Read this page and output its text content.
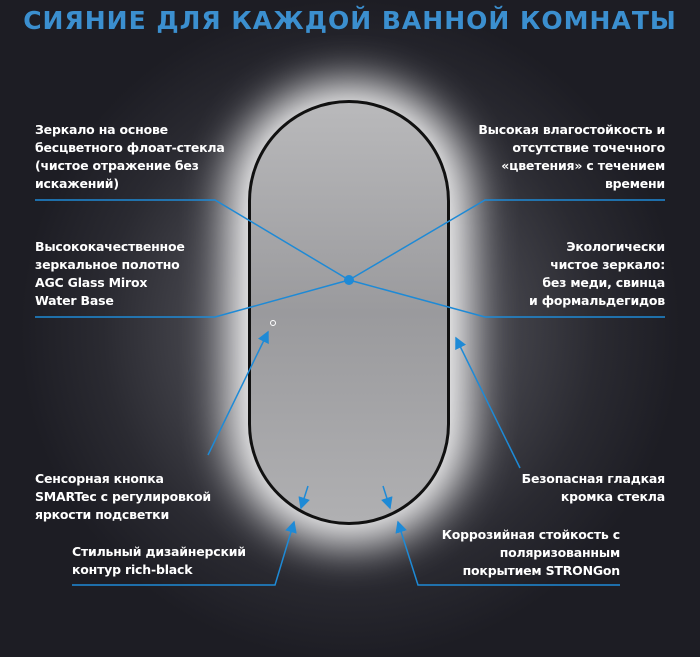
СИЯНИЕ ДЛЯ КАЖДОЙ ВАННОЙ КОМНАТЫ
Зеркало на основе
бесцветного флоат-стекла
(чистое отражение без
искажений)
Высокая влагостойкость и
отсутствие точечного
«цветения» с течением
времени
Высококачественное
зеркальное полотно
AGC Glass Mirox
Water Base
Экологически
чистое зеркало:
без меди, свинца
и формальдегидов
Сенсорная кнопка
SMARTec с регулировкой
яркости подсветки
Безопасная гладкая
кромка стекла
Стильный дизайнерский
контур rich-black
Коррозийная стойкость с
поляризованным
покрытием STRONGon
